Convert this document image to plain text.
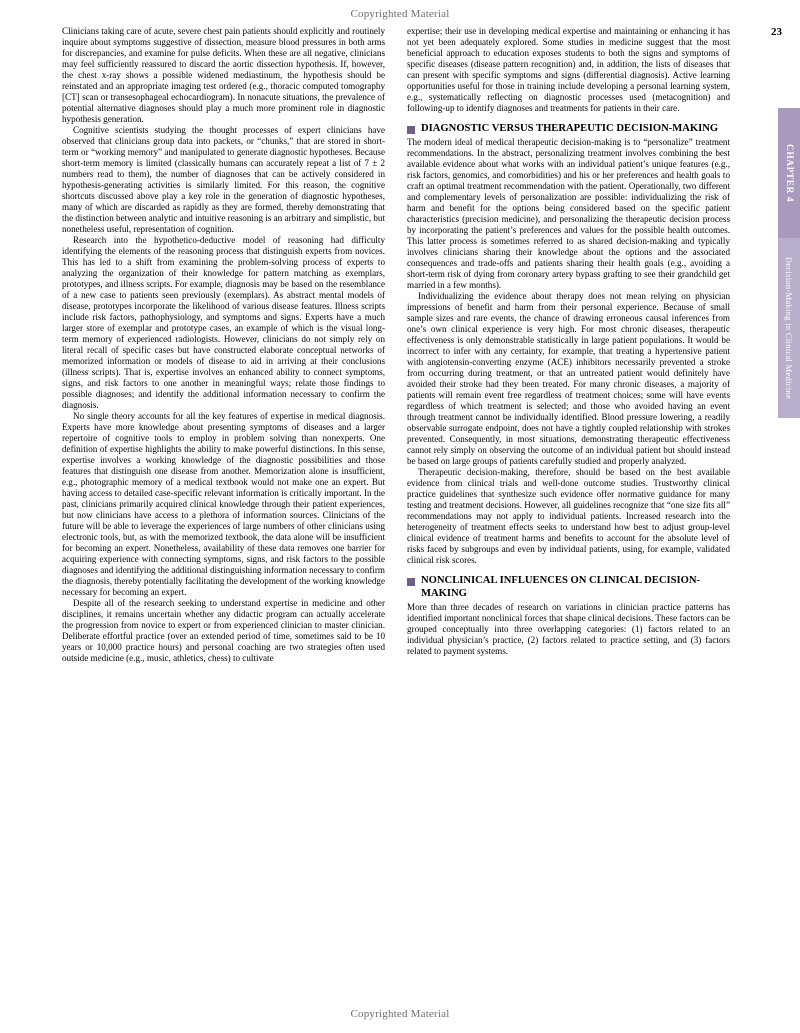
Copyrighted Material
23
CHAPTER 4
Decision-Making in Clinical Medicine

Clinicians taking care of acute, severe chest pain patients should explicitly and routinely inquire about symptoms suggestive of dissection, measure blood pressures in both arms for discrepancies, and examine for pulse deficits. When these are all negative, clinicians may feel sufficiently reassured to discard the aortic dissection hypothesis. If, however, the chest x-ray shows a possible widened mediastinum, the hypothesis should be reinstated and an appropriate imaging test ordered (e.g., thoracic computed tomography [CT] scan or transesophageal echocardiogram). In nonacute situations, the prevalence of potential alternative diagnoses should play a much more prominent role in diagnostic hypothesis generation.

Cognitive scientists studying the thought processes of expert clinicians have observed that clinicians group data into packets, or “chunks,” that are stored in short-term or “working memory” and manipulated to generate diagnostic hypotheses. Because short-term memory is limited (classically humans can accurately repeat a list of 7 ± 2 numbers read to them), the number of diagnoses that can be actively considered in hypothesis-generating activities is similarly limited. For this reason, the cognitive shortcuts discussed above play a key role in the generation of diagnostic hypotheses, many of which are discarded as rapidly as they are formed, thereby demonstrating that the distinction between analytic and intuitive reasoning is an arbitrary and simplistic, but nonetheless useful, representation of cognition.

Research into the hypothetico-deductive model of reasoning had difficulty identifying the elements of the reasoning process that distinguish experts from novices. This has led to a shift from examining the problem-solving process of experts to analyzing the organization of their knowledge for pattern matching as exemplars, prototypes, and illness scripts. For example, diagnosis may be based on the resemblance of a new case to patients seen previously (exemplars). As abstract mental models of disease, prototypes incorporate the likelihood of various disease features. Illness scripts include risk factors, pathophysiology, and symptoms and signs. Experts have a much larger store of exemplar and prototype cases, an example of which is the visual long-term memory of experienced radiologists. However, clinicians do not simply rely on literal recall of specific cases but have constructed elaborate conceptual networks of memorized information or models of disease to aid in arriving at their conclusions (illness scripts). That is, expertise involves an enhanced ability to connect symptoms, signs, and risk factors to one another in meaningful ways; relate those findings to possible diagnoses; and identify the additional information necessary to confirm the diagnosis.

No single theory accounts for all the key features of expertise in medical diagnosis. Experts have more knowledge about presenting symptoms of diseases and a larger repertoire of cognitive tools to employ in problem solving than nonexperts. One definition of expertise highlights the ability to make powerful distinctions. In this sense, expertise involves a working knowledge of the diagnostic possibilities and those features that distinguish one disease from another. Memorization alone is insufficient, e.g., photographic memory of a medical textbook would not make one an expert. But having access to detailed case-specific relevant information is critically important. In the past, clinicians primarily acquired clinical knowledge through their patient experiences, but now clinicians have access to a plethora of information sources. Clinicians of the future will be able to leverage the experiences of large numbers of other clinicians using electronic tools, but, as with the memorized textbook, the data alone will be insufficient for becoming an expert. Nonetheless, availability of these data removes one barrier for acquiring experience with connecting symptoms, signs, and risk factors to the possible diagnoses and identifying the additional distinguishing information necessary to confirm the diagnosis, thereby potentially facilitating the development of the working knowledge necessary for becoming an expert.

Despite all of the research seeking to understand expertise in medicine and other disciplines, it remains uncertain whether any didactic program can actually accelerate the progression from novice to expert or from experienced clinician to master clinician. Deliberate effortful practice (over an extended period of time, sometimes said to be 10 years or 10,000 practice hours) and personal coaching are two strategies often used outside medicine (e.g., music, athletics, chess) to cultivate

expertise; their use in developing medical expertise and maintaining or enhancing it has not yet been adequately explored. Some studies in medicine suggest that the most beneficial approach to education exposes students to both the signs and symptoms of specific diseases (disease pattern recognition) and, in addition, the lists of diseases that can present with specific symptoms and signs (differential diagnosis). Active learning opportunities useful for those in training include developing a personal learning system, e.g., systematically reflecting on diagnostic processes used (metacognition) and following-up to identify diagnoses and treatments for patients in their care.

DIAGNOSTIC VERSUS THERAPEUTIC DECISION-MAKING

The modern ideal of medical therapeutic decision-making is to “personalize” treatment recommendations. In the abstract, personalizing treatment involves combining the best available evidence about what works with an individual patient’s unique features (e.g., risk factors, genomics, and comorbidities) and his or her preferences and health goals to craft an optimal treatment recommendation with the patient. Operationally, two different and complementary levels of personalization are possible: individualizing the risk of harm and benefit for the options being considered based on the specific patient characteristics (precision medicine), and personalizing the therapeutic decision process by incorporating the patient’s preferences and values for the possible health outcomes. This latter process is sometimes referred to as shared decision-making and typically involves clinicians sharing their knowledge about the options and the associated consequences and trade-offs and patients sharing their health goals (e.g., avoiding a short-term risk of dying from coronary artery bypass grafting to see their grandchild get married in a few months).

Individualizing the evidence about therapy does not mean relying on physician impressions of benefit and harm from their personal experience. Because of small sample sizes and rare events, the chance of drawing erroneous causal inferences from one’s own clinical experience is very high. For most chronic diseases, therapeutic effectiveness is only demonstrable statistically in large patient populations. It would be incorrect to infer with any certainty, for example, that treating a hypertensive patient with angiotensin-converting enzyme (ACE) inhibitors necessarily prevented a stroke from occurring during treatment, or that an untreated patient would definitely have avoided their stroke had they been treated. For many chronic diseases, a majority of patients will remain event free regardless of treatment choices; some will have events regardless of which treatment is selected; and those who avoided having an event through treatment cannot be individually identified. Blood pressure lowering, a readily observable surrogate endpoint, does not have a tightly coupled relationship with strokes prevented. Consequently, in most situations, demonstrating therapeutic effectiveness cannot rely simply on observing the outcome of an individual patient but should instead be based on large groups of patients carefully studied and properly analyzed.

Therapeutic decision-making, therefore, should be based on the best available evidence from clinical trials and well-done outcome studies. Trustworthy clinical practice guidelines that synthesize such evidence offer normative guidance for many testing and treatment decisions. However, all guidelines recognize that “one size fits all” recommendations may not apply to individual patients. Increased research into the heterogeneity of treatment effects seeks to understand how best to adjust group-level clinical evidence of treatment harms and benefits to account for the absolute level of risks faced by subgroups and even by individual patients, using, for example, validated clinical risk scores.

NONCLINICAL INFLUENCES ON CLINICAL DECISION-MAKING

More than three decades of research on variations in clinician practice patterns has identified important nonclinical forces that shape clinical decisions. These factors can be grouped conceptually into three overlapping categories: (1) factors related to an individual physician’s practice, (2) factors related to practice setting, and (3) factors related to payment systems.

Copyrighted Material
